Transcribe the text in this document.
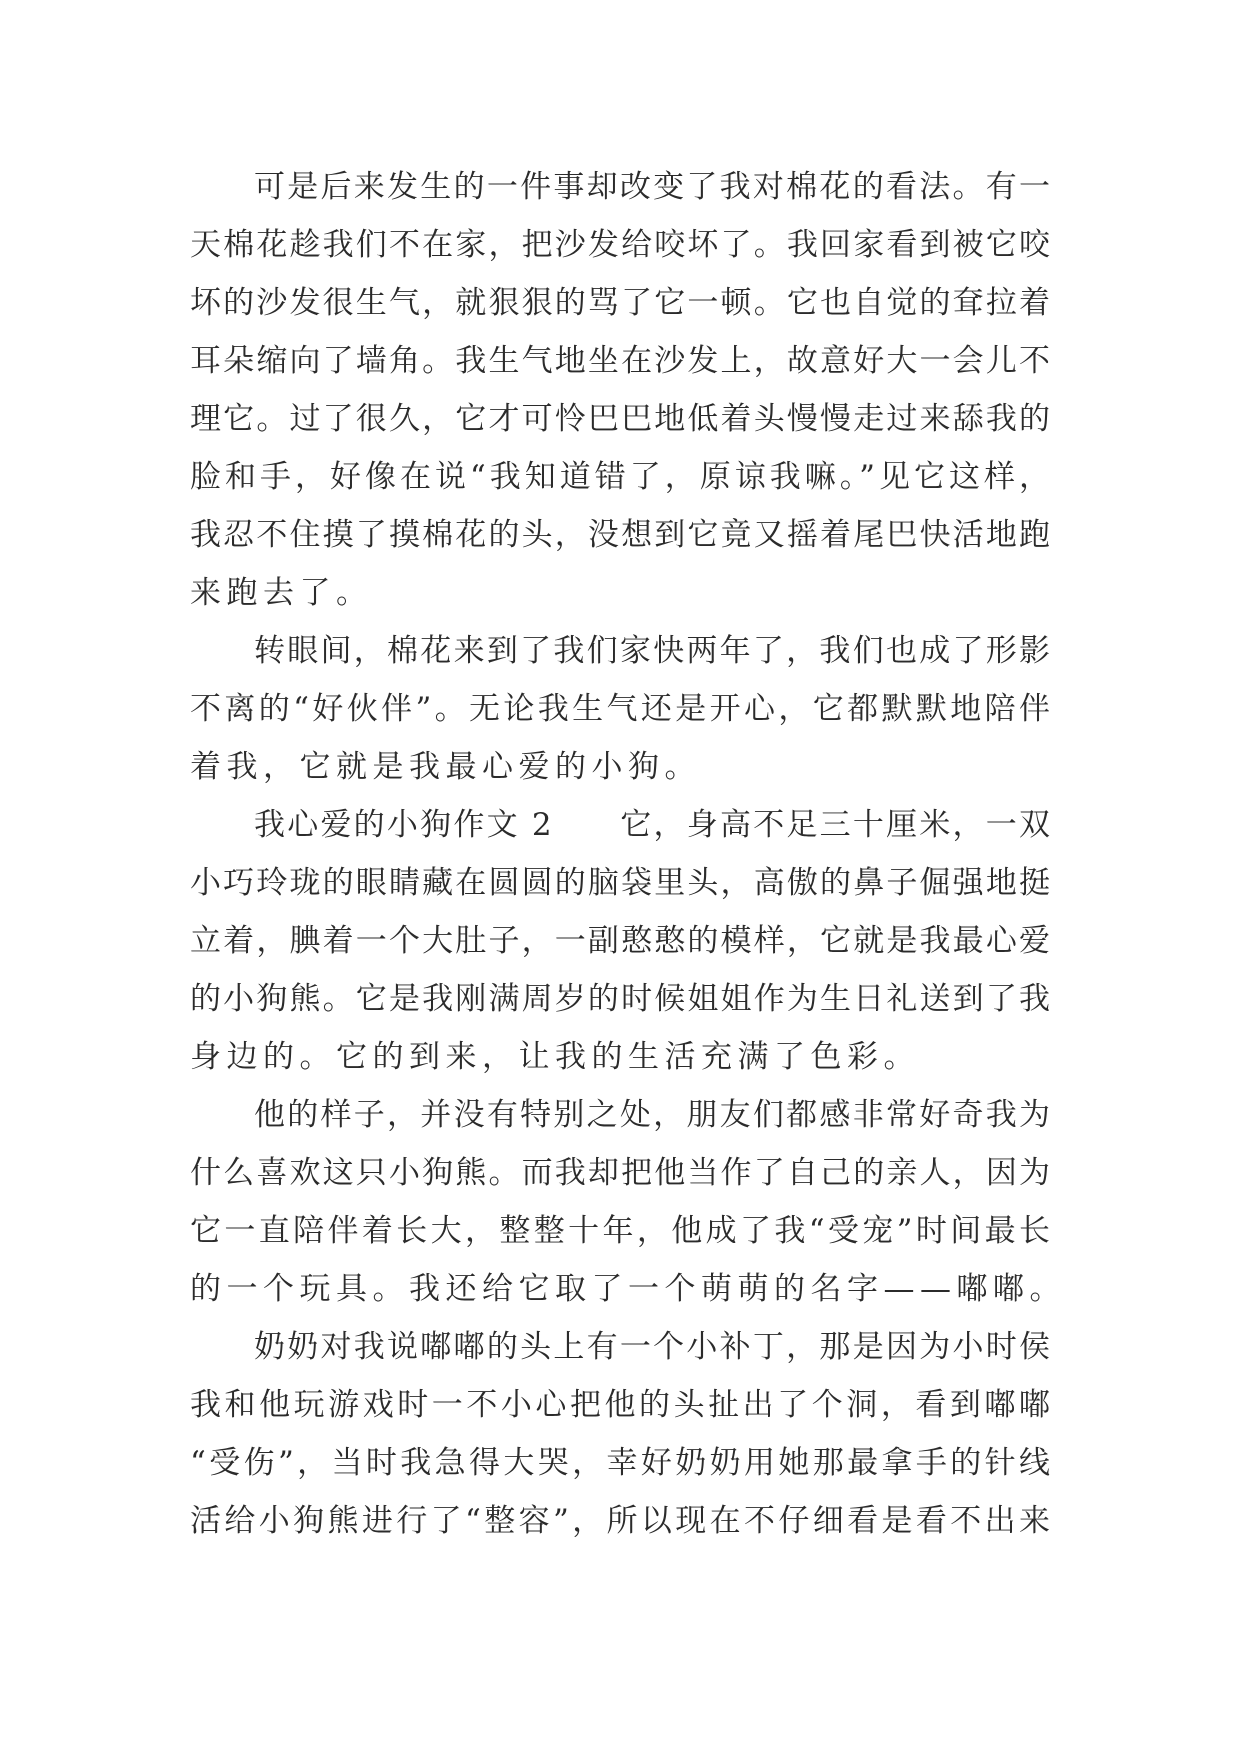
可是后来发生的一件事却改变了我对棉花的看法。有一
天棉花趁我们不在家，把沙发给咬坏了。我回家看到被它咬
坏的沙发很生气，就狠狠的骂了它一顿。它也自觉的耷拉着
耳朵缩向了墙角。我生气地坐在沙发上，故意好大一会儿不
理它。过了很久，它才可怜巴巴地低着头慢慢走过来舔我的
脸和手，好像在说“我知道错了，原谅我嘛。”见它这样，
我忍不住摸了摸棉花的头，没想到它竟又摇着尾巴快活地跑
来跑去了。
转眼间，棉花来到了我们家快两年了，我们也成了形影
不离的“好伙伴”。无论我生气还是开心，它都默默地陪伴
着我，它就是我最心爱的小狗。
我心爱的小狗作文 2　　它，身高不足三十厘米，一双
小巧玲珑的眼睛藏在圆圆的脑袋里头，高傲的鼻子倔强地挺
立着，腆着一个大肚子，一副憨憨的模样，它就是我最心爱
的小狗熊。它是我刚满周岁的时候姐姐作为生日礼送到了我
身边的。它的到来，让我的生活充满了色彩。
他的样子，并没有特别之处，朋友们都感非常好奇我为
什么喜欢这只小狗熊。而我却把他当作了自己的亲人，因为
它一直陪伴着长大，整整十年，他成了我“受宠”时间最长
的一个玩具。我还给它取了一个萌萌的名字——嘟嘟。
奶奶对我说嘟嘟的头上有一个小补丁，那是因为小时侯
我和他玩游戏时一不小心把他的头扯出了个洞，看到嘟嘟
“受伤”，当时我急得大哭，幸好奶奶用她那最拿手的针线
活给小狗熊进行了“整容”，所以现在不仔细看是看不出来
